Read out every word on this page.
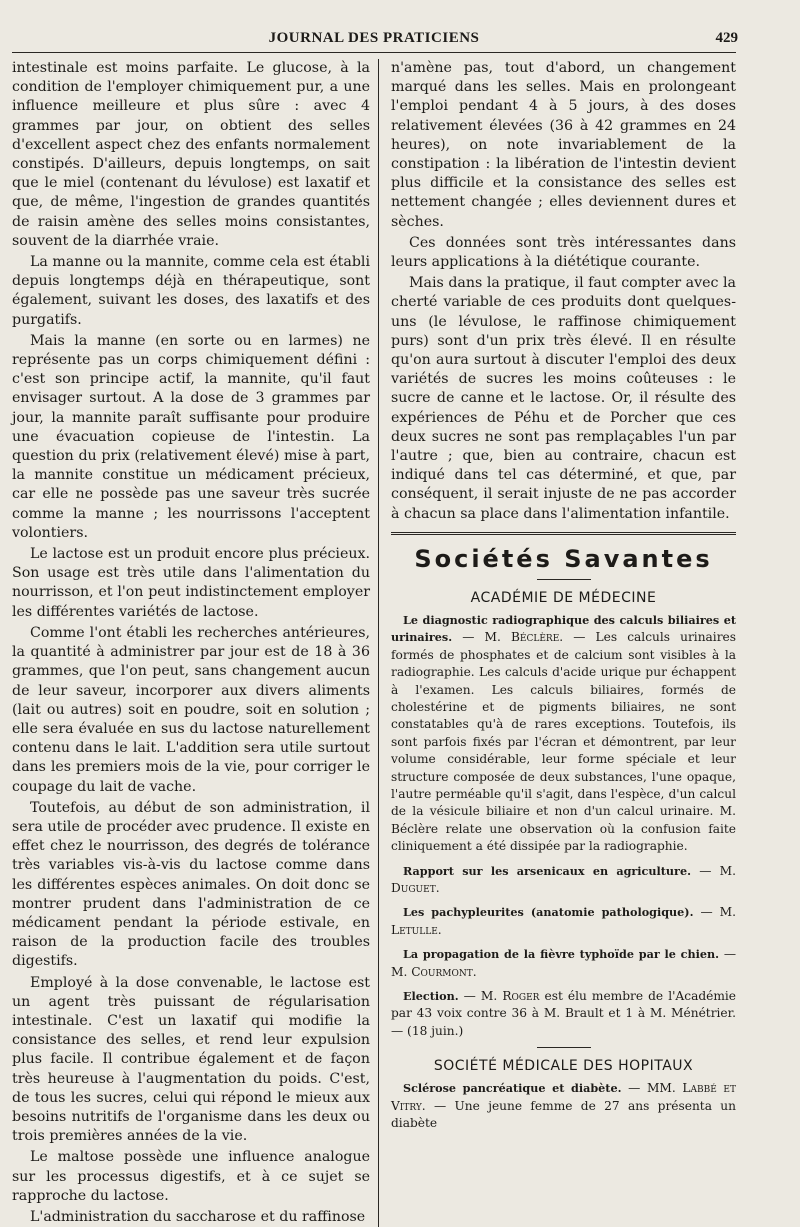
JOURNAL DES PRATICIENS	429

intestinale est moins parfaite. Le glucose, à la condition de l'employer chimiquement pur, a une influence meilleure et plus sûre : avec 4 grammes par jour, on obtient des selles d'excellent aspect chez des enfants normalement constipés. D'ailleurs, depuis longtemps, on sait que le miel (contenant du lévulose) est laxatif et que, de même, l'ingestion de grandes quantités de raisin amène des selles moins consistantes, souvent de la diarrhée vraie.

La manne ou la mannite, comme cela est établi depuis longtemps déjà en thérapeutique, sont également, suivant les doses, des laxatifs et des purgatifs.

Mais la manne (en sorte ou en larmes) ne représente pas un corps chimiquement défini : c'est son principe actif, la mannite, qu'il faut envisager surtout. A la dose de 3 grammes par jour, la mannite paraît suffisante pour produire une évacuation copieuse de l'intestin. La question du prix (relativement élevé) mise à part, la mannite constitue un médicament précieux, car elle ne possède pas une saveur très sucrée comme la manne ; les nourrissons l'acceptent volontiers.

Le lactose est un produit encore plus précieux. Son usage est très utile dans l'alimentation du nourrisson, et l'on peut indistinctement employer les différentes variétés de lactose.

Comme l'ont établi les recherches antérieures, la quantité à administrer par jour est de 18 à 36 grammes, que l'on peut, sans changement aucun de leur saveur, incorporer aux divers aliments (lait ou autres) soit en poudre, soit en solution ; elle sera évaluée en sus du lactose naturellement contenu dans le lait. L'addition sera utile surtout dans les premiers mois de la vie, pour corriger le coupage du lait de vache.

Toutefois, au début de son administration, il sera utile de procéder avec prudence. Il existe en effet chez le nourrisson, des degrés de tolérance très variables vis-à-vis du lactose comme dans les différentes espèces animales. On doit donc se montrer prudent dans l'administration de ce médicament pendant la période estivale, en raison de la production facile des troubles digestifs.

Employé à la dose convenable, le lactose est un agent très puissant de régularisation intestinale. C'est un laxatif qui modifie la consistance des selles, et rend leur expulsion plus facile. Il contribue également et de façon très heureuse à l'augmentation du poids. C'est, de tous les sucres, celui qui répond le mieux aux besoins nutritifs de l'organisme dans les deux ou trois premières années de la vie.

Le maltose possède une influence analogue sur les processus digestifs, et à ce sujet se rapproche du lactose.

L'administration du saccharose et du raffinose

n'amène pas, tout d'abord, un changement marqué dans les selles. Mais en prolongeant l'emploi pendant 4 à 5 jours, à des doses relativement élevées (36 à 42 grammes en 24 heures), on note invariablement de la constipation : la libération de l'intestin devient plus difficile et la consistance des selles est nettement changée ; elles deviennent dures et sèches.

Ces données sont très intéressantes dans leurs applications à la diététique courante.

Mais dans la pratique, il faut compter avec la cherté variable de ces produits dont quelques-uns (le lévulose, le raffinose chimiquement purs) sont d'un prix très élevé. Il en résulte qu'on aura surtout à discuter l'emploi des deux variétés de sucres les moins coûteuses : le sucre de canne et le lactose. Or, il résulte des expériences de Péhu et de Porcher que ces deux sucres ne sont pas remplaçables l'un par l'autre ; que, bien au contraire, chacun est indiqué dans tel cas déterminé, et que, par conséquent, il serait injuste de ne pas accorder à chacun sa place dans l'alimentation infantile.

Sociétés Savantes
ACADÉMIE DE MÉDECINE
Le diagnostic radiographique des calculs biliaires et urinaires. — M. Béclère. — Les calculs urinaires formés de phosphates et de calcium sont visibles à la radiographie. Les calculs d'acide urique pur échappent à l'examen. Les calculs biliaires, formés de cholestérine et de pigments biliaires, ne sont constatables qu'à de rares exceptions. Toutefois, ils sont parfois fixés par l'écran et démontrent, par leur volume considérable, leur forme spéciale et leur structure composée de deux substances, l'une opaque, l'autre perméable qu'il s'agit, dans l'espèce, d'un calcul de la vésicule biliaire et non d'un calcul urinaire. M. Béclère relate une observation où la confusion faite cliniquement a été dissipée par la radiographie.
Rapport sur les arsenicaux en agriculture. — M. Duguet.
Les pachypleurites (anatomie pathologique). — M. Letulle.
La propagation de la fièvre typhoïde par le chien. — M. Courmont.
Election. — M. Roger est élu membre de l'Académie par 43 voix contre 36 à M. Brault et 1 à M. Ménétrier. — (18 juin.)
SOCIÉTÉ MÉDICALE DES HOPITAUX
Sclérose pancréatique et diabète. — MM. Labbé et Vitry. — Une jeune femme de 27 ans présenta un diabète
